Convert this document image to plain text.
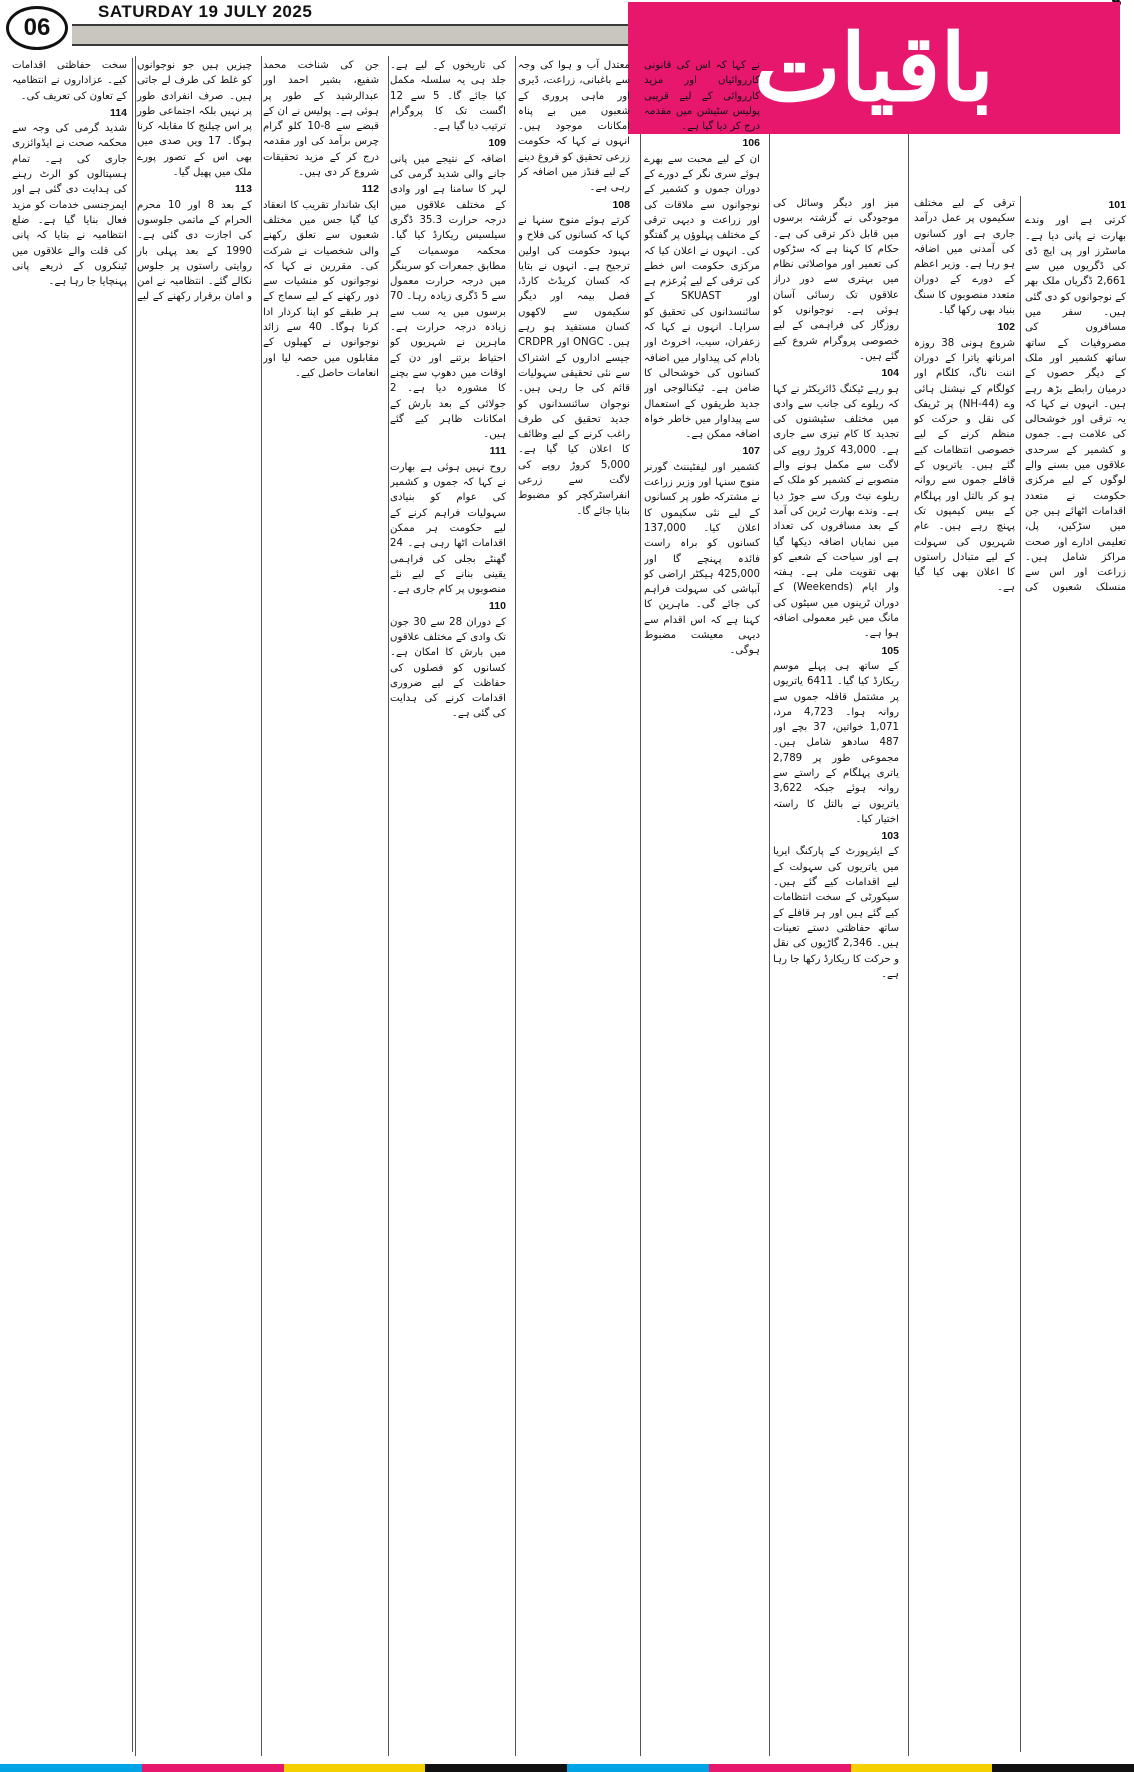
06
SATURDAY 19 JULY 2025
باقیات
101

کرتی ہے اور وندے بھارت نے پانی دیا ہے۔ ماسٹرز اور پی ایچ ڈی کی ڈگریوں میں سے 2,661 ڈگریاں ملک بھر کے نوجوانوں کو دی گئی ہیں۔ سفر میں مسافروں کی مصروفیات کے ساتھ ساتھ کشمیر اور ملک کے دیگر حصوں کے درمیان رابطے بڑھ رہے ہیں۔ انہوں نے کہا کہ یہ ترقی اور خوشحالی کی علامت ہے۔ جموں و کشمیر کے سرحدی علاقوں میں بسنے والے لوگوں کے لیے مرکزی حکومت نے متعدد اقدامات اٹھائے ہیں جن میں سڑکیں، پل، تعلیمی ادارے اور صحت مراکز شامل ہیں۔ زراعت اور اس سے منسلک شعبوں کی ترقی کے لیے مختلف سکیموں پر عمل درآمد جاری ہے اور کسانوں کی آمدنی میں اضافہ ہو رہا ہے۔ وزیر اعظم کے دورے کے دوران متعدد منصوبوں کا سنگ بنیاد بھی رکھا گیا۔

102

شروع ہونی 38 روزہ امرناتھ یاترا کے دوران اننت ناگ، کلگام اور کولگام کے نیشنل ہائی وے (NH-44) پر ٹریفک کی نقل و حرکت کو منظم کرنے کے لیے خصوصی انتظامات کیے گئے ہیں۔ یاتریوں کے قافلے جموں سے روانہ ہو کر بالتل اور پہلگام کے بیس کیمپوں تک پہنچ رہے ہیں۔ عام شہریوں کی سہولت کے لیے متبادل راستوں کا اعلان بھی کیا گیا ہے۔

میز اور دیگر وسائل کی موجودگی نے گزشتہ برسوں میں قابل ذکر ترقی کی ہے۔ حکام کا کہنا ہے کہ سڑکوں کی تعمیر اور مواصلاتی نظام میں بہتری سے دور دراز علاقوں تک رسائی آسان ہوئی ہے۔ نوجوانوں کو روزگار کی فراہمی کے لیے خصوصی پروگرام شروع کیے گئے ہیں۔

104

ہو رہے ٹیکنگ ڈائریکٹر نے کہا کہ ریلوے کی جانب سے وادی میں مختلف سٹیشنوں کی تجدید کا کام تیزی سے جاری ہے۔ 43,000 کروڑ روپے کی لاگت سے مکمل ہونے والے منصوبے نے کشمیر کو ملک کے ریلوے نیٹ ورک سے جوڑ دیا ہے۔ وندے بھارت ٹرین کی آمد کے بعد مسافروں کی تعداد میں نمایاں اضافہ دیکھا گیا ہے اور سیاحت کے شعبے کو بھی تقویت ملی ہے۔ ہفتہ وار ایام (Weekends) کے دوران ٹرینوں میں سیٹوں کی مانگ میں غیر معمولی اضافہ ہوا ہے۔

105

کے ساتھ ہی پہلے موسم ریکارڈ کیا گیا۔ 6411 یاتریوں پر مشتمل قافلہ جموں سے روانہ ہوا۔ 4,723 مرد، 1,071 خواتین، 37 بچے اور 487 سادھو شامل ہیں۔ مجموعی طور پر 2,789 یاتری پہلگام کے راستے سے روانہ ہوئے جبکہ 3,622 یاتریوں نے بالتل کا راستہ اختیار کیا۔

103

کے ایئرپورٹ کے پارکنگ ایریا میں یاتریوں کی سہولت کے لیے اقدامات کیے گئے ہیں۔ سیکورٹی کے سخت انتظامات کیے گئے ہیں اور ہر قافلے کے ساتھ حفاظتی دستے تعینات ہیں۔ 2,346 گاڑیوں کی نقل و حرکت کا ریکارڈ رکھا جا رہا ہے۔

نے کہا کہ اس کی قانونی کارروائیاں اور مزید کارروائی کے لیے قریبی پولیس سٹیشن میں مقدمہ درج کر دیا گیا ہے۔

106

ان کے لیے محبت سے بھرے ہوئے سری نگر کے دورے کے دوران جموں و کشمیر کے نوجوانوں سے ملاقات کی اور زراعت و دیہی ترقی کے مختلف پہلوؤں پر گفتگو کی۔ انہوں نے اعلان کیا کہ مرکزی حکومت اس خطے کی ترقی کے لیے پُرعزم ہے اور SKUAST کے سائنسدانوں کی تحقیق کو سراہا۔ انہوں نے کہا کہ زعفران، سیب، اخروٹ اور بادام کی پیداوار میں اضافہ کسانوں کی خوشحالی کا ضامن ہے۔ ٹیکنالوجی اور جدید طریقوں کے استعمال سے پیداوار میں خاطر خواہ اضافہ ممکن ہے۔

107

کشمیر اور لیفٹیننٹ گورنر منوج سنہا اور وزیر زراعت نے مشترکہ طور پر کسانوں کے لیے نئی سکیموں کا اعلان کیا۔ 137,000 کسانوں کو براہ راست فائدہ پہنچے گا اور 425,000 ہیکٹر اراضی کو آبپاشی کی سہولت فراہم کی جائے گی۔ ماہرین کا کہنا ہے کہ اس اقدام سے دیہی معیشت مضبوط ہوگی۔

معتدل آب و ہوا کی وجہ سے باغبانی، زراعت، ڈیری اور ماہی پروری کے شعبوں میں بے پناہ امکانات موجود ہیں۔ انہوں نے کہا کہ حکومت زرعی تحقیق کو فروغ دینے کے لیے فنڈز میں اضافہ کر رہی ہے۔

108

کرتے ہوئے منوج سنہا نے کہا کہ کسانوں کی فلاح و بہبود حکومت کی اولین ترجیح ہے۔ انہوں نے بتایا کہ کسان کریڈٹ کارڈ، فصل بیمہ اور دیگر سکیموں سے لاکھوں کسان مستفید ہو رہے ہیں۔ ONGC اور CRDPR جیسے اداروں کے اشتراک سے نئی تحقیقی سہولیات قائم کی جا رہی ہیں۔ نوجوان سائنسدانوں کو جدید تحقیق کی طرف راغب کرنے کے لیے وظائف کا اعلان کیا گیا ہے۔ 5,000 کروڑ روپے کی لاگت سے زرعی انفراسٹرکچر کو مضبوط بنایا جائے گا۔

کی تاریخوں کے لیے ہے۔ جلد ہی یہ سلسلہ مکمل کیا جائے گا۔ 5 سے 12 اگست تک کا پروگرام ترتیب دیا گیا ہے۔

109

اضافہ کے نتیجے میں پانی جانے والی شدید گرمی کی لہر کا سامنا ہے اور وادی کے مختلف علاقوں میں درجہ حرارت 35.3 ڈگری سیلسیس ریکارڈ کیا گیا۔ محکمہ موسمیات کے مطابق جمعرات کو سرینگر میں درجہ حرارت معمول سے 5 ڈگری زیادہ رہا۔ 70 برسوں میں یہ سب سے زیادہ درجہ حرارت ہے۔ ماہرین نے شہریوں کو احتیاط برتنے اور دن کے اوقات میں دھوپ سے بچنے کا مشورہ دیا ہے۔ 2 جولائی کے بعد بارش کے امکانات ظاہر کیے گئے ہیں۔

111

روح نہیں ہوئی ہے بھارت نے کہا کہ جموں و کشمیر کی عوام کو بنیادی سہولیات فراہم کرنے کے لیے حکومت ہر ممکن اقدامات اٹھا رہی ہے۔ 24 گھنٹے بجلی کی فراہمی یقینی بنانے کے لیے نئے منصوبوں پر کام جاری ہے۔

110

کے دوران 28 سے 30 جون تک وادی کے مختلف علاقوں میں بارش کا امکان ہے۔ کسانوں کو فصلوں کی حفاظت کے لیے ضروری اقدامات کرنے کی ہدایت کی گئی ہے۔

جن کی شناخت محمد شفیع، بشیر احمد اور عبدالرشید کے طور پر ہوئی ہے۔ پولیس نے ان کے قبضے سے 8-10 کلو گرام چرس برآمد کی اور مقدمہ درج کر کے مزید تحقیقات شروع کر دی ہیں۔

112

ایک شاندار تقریب کا انعقاد کیا گیا جس میں مختلف شعبوں سے تعلق رکھنے والی شخصیات نے شرکت کی۔ مقررین نے کہا کہ نوجوانوں کو منشیات سے دور رکھنے کے لیے سماج کے ہر طبقے کو اپنا کردار ادا کرنا ہوگا۔ 40 سے زائد نوجوانوں نے کھیلوں کے مقابلوں میں حصہ لیا اور انعامات حاصل کیے۔

چیزیں ہیں جو نوجوانوں کو غلط کی طرف لے جاتی ہیں۔ صرف انفرادی طور پر نہیں بلکہ اجتماعی طور پر اس چیلنج کا مقابلہ کرنا ہوگا۔ 17 ویں صدی میں بھی اس کے تصور پورے ملک میں پھیل گیا۔

113

کے بعد 8 اور 10 محرم الحرام کے ماتمی جلوسوں کی اجازت دی گئی ہے۔ 1990 کے بعد پہلی بار روایتی راستوں پر جلوس نکالے گئے۔ انتظامیہ نے امن و امان برقرار رکھنے کے لیے سخت حفاظتی اقدامات کیے۔ عزاداروں نے انتظامیہ کے تعاون کی تعریف کی۔

114

شدید گرمی کی وجہ سے محکمہ صحت نے ایڈوائزری جاری کی ہے۔ تمام ہسپتالوں کو الرٹ رہنے کی ہدایت دی گئی ہے اور ایمرجنسی خدمات کو مزید فعال بنایا گیا ہے۔ ضلع انتظامیہ نے بتایا کہ پانی کی قلت والے علاقوں میں ٹینکروں کے ذریعے پانی پہنچایا جا رہا ہے۔
